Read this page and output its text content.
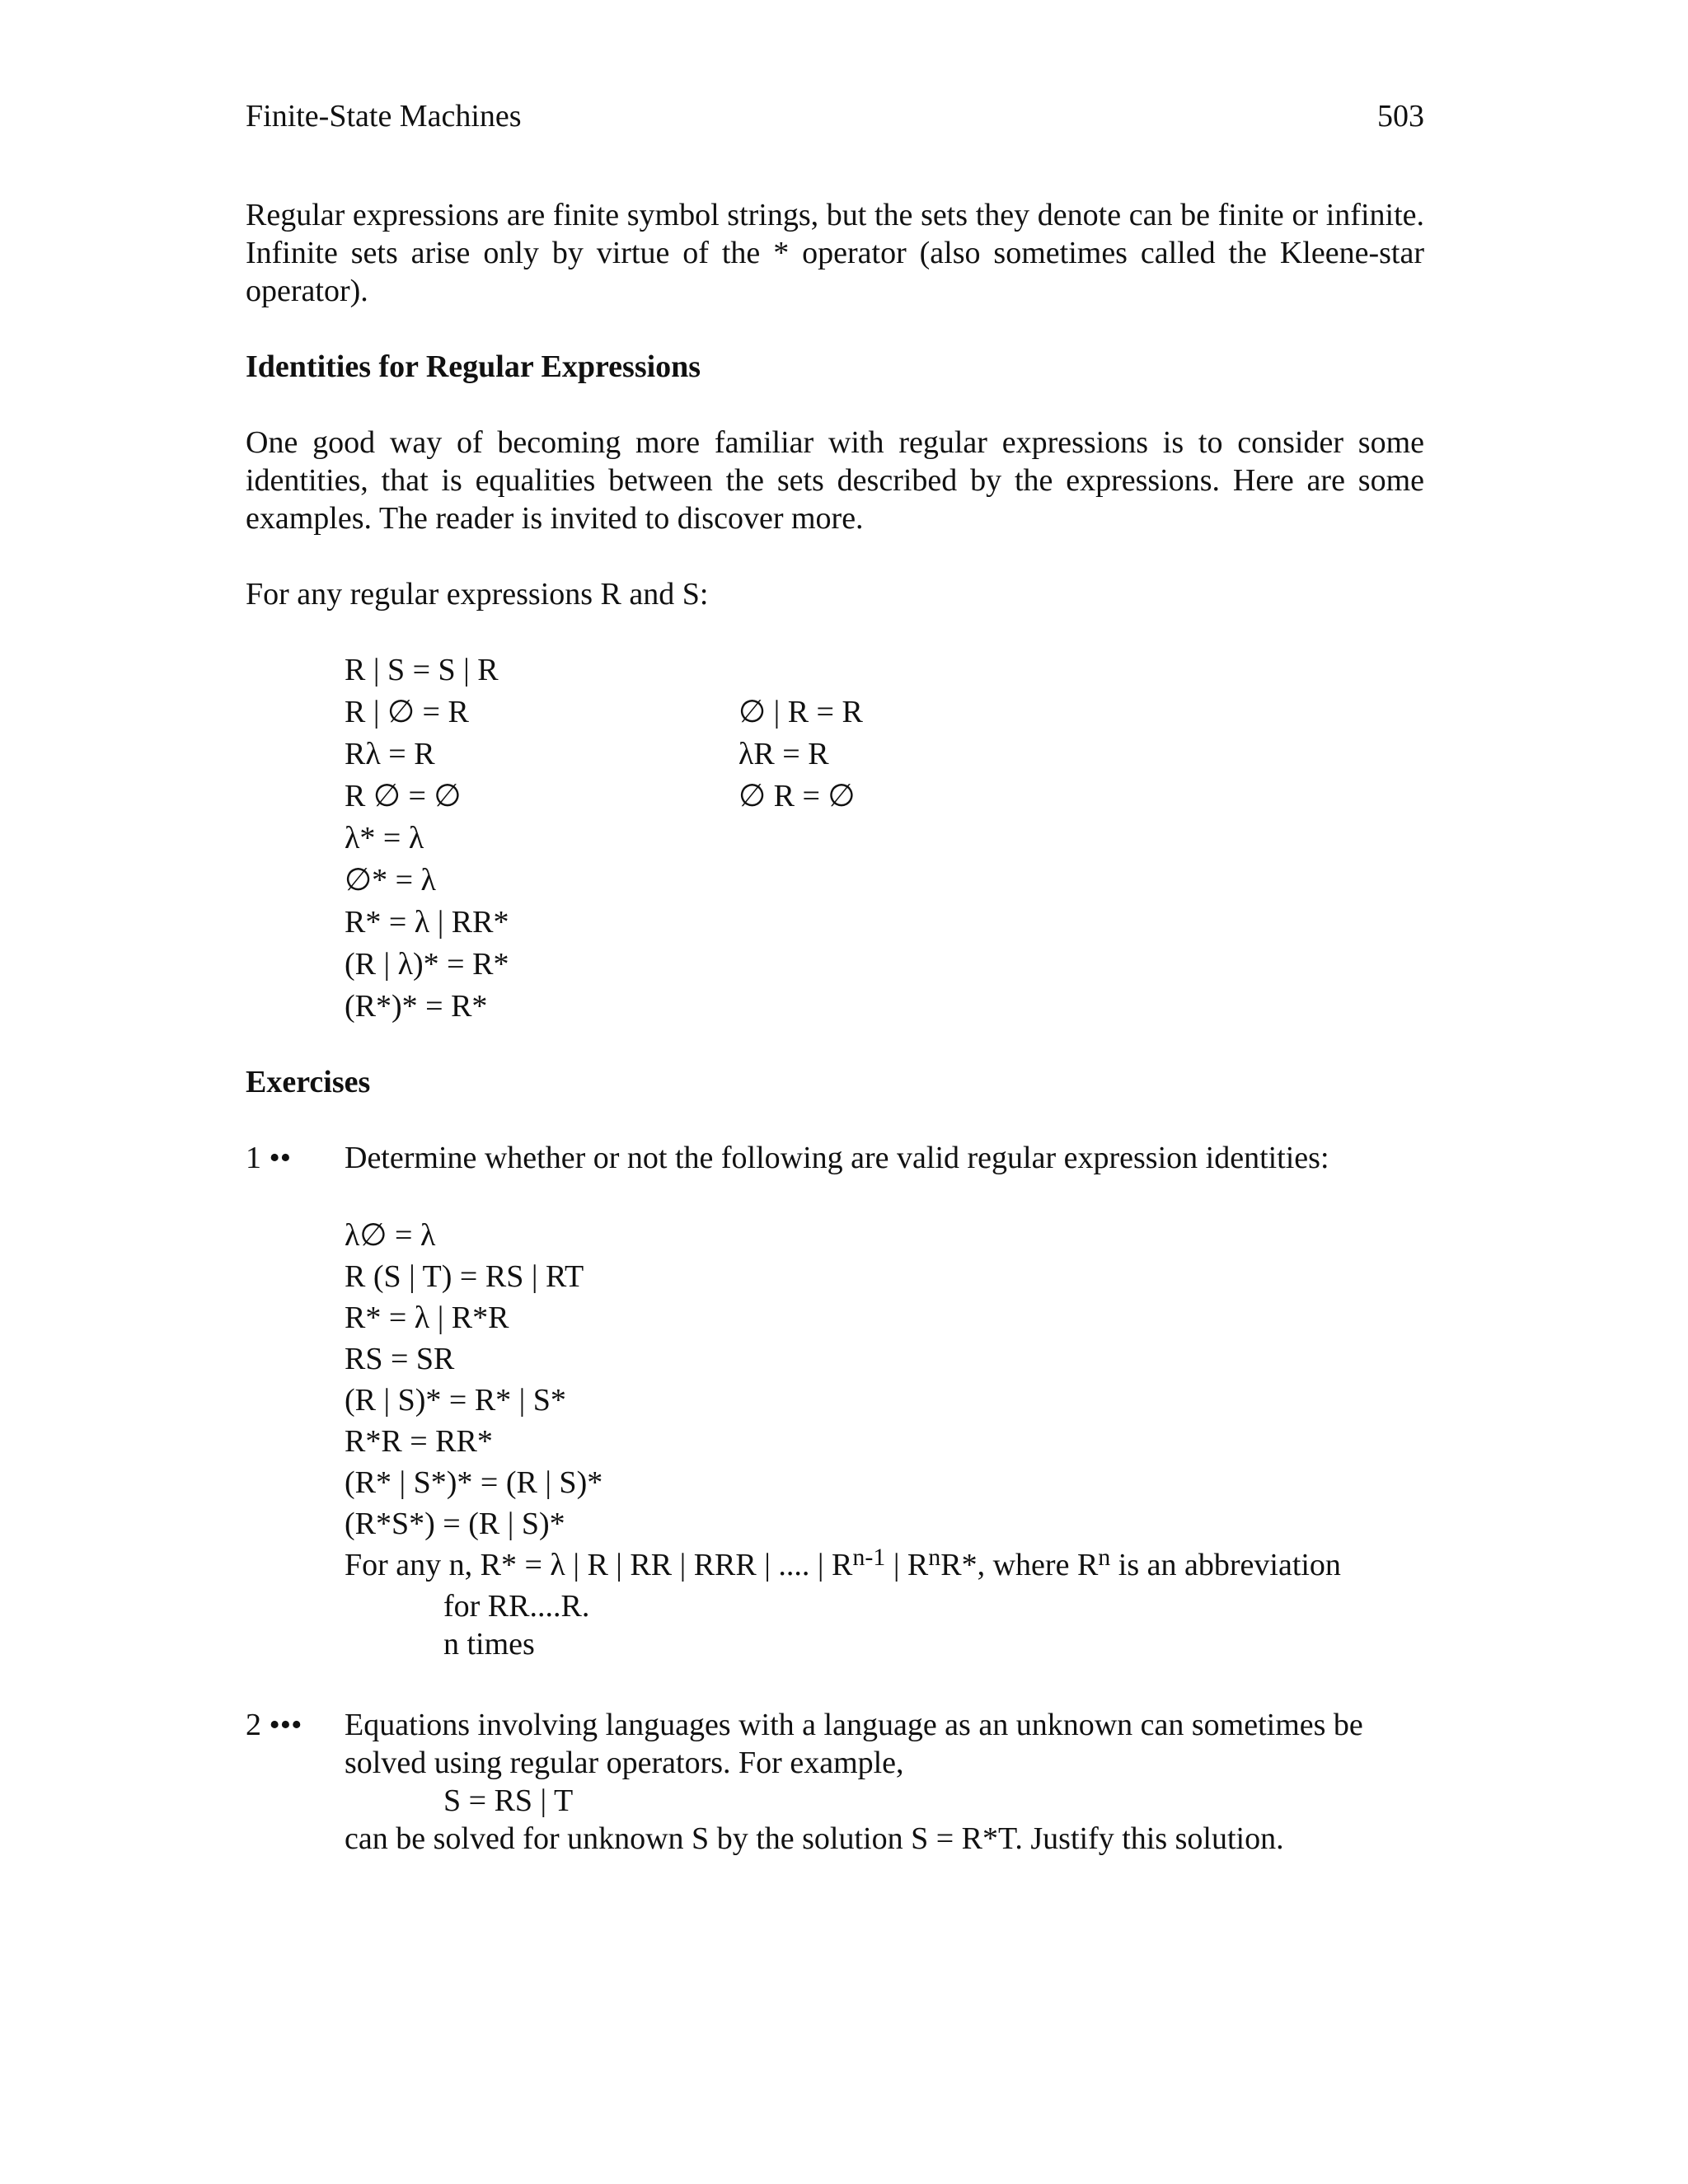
Finite-State Machines	503
Regular expressions are finite symbol strings, but the sets they denote can be finite or infinite. Infinite sets arise only by virtue of the * operator (also sometimes called the Kleene-star operator).
Identities for Regular Expressions
One good way of becoming more familiar with regular expressions is to consider some identities, that is equalities between the sets described by the expressions. Here are some examples. The reader is invited to discover more.
For any regular expressions R and S:
R | S = S | R
R | ∅ = R
Rλ = R
R ∅ = ∅
λ* = λ
∅* = λ
R* = λ | RR*
(R | λ)* = R*
(R*)* = R*
∅ | R = R
λR = R
∅ R = ∅
Exercises
1 •• Determine whether or not the following are valid regular expression identities:
λ∅ = λ
R (S | T) = RS | RT
R* = λ | R*R
RS = SR
(R | S)* = R* | S*
R*R = RR*
(R* | S*)* = (R | S)*
(R*S*) = (R | S)*
For any n, R* = λ | R | RR | RRR | .... | $R^{n-1}$ | $R^nR*$, where $R^n$ is an abbreviation
for RR....R.
n times
2 ••• Equations involving languages with a language as an unknown can sometimes be
solved using regular operators. For example,
S = RS | T
can be solved for unknown S by the solution S = R*T. Justify this solution.
